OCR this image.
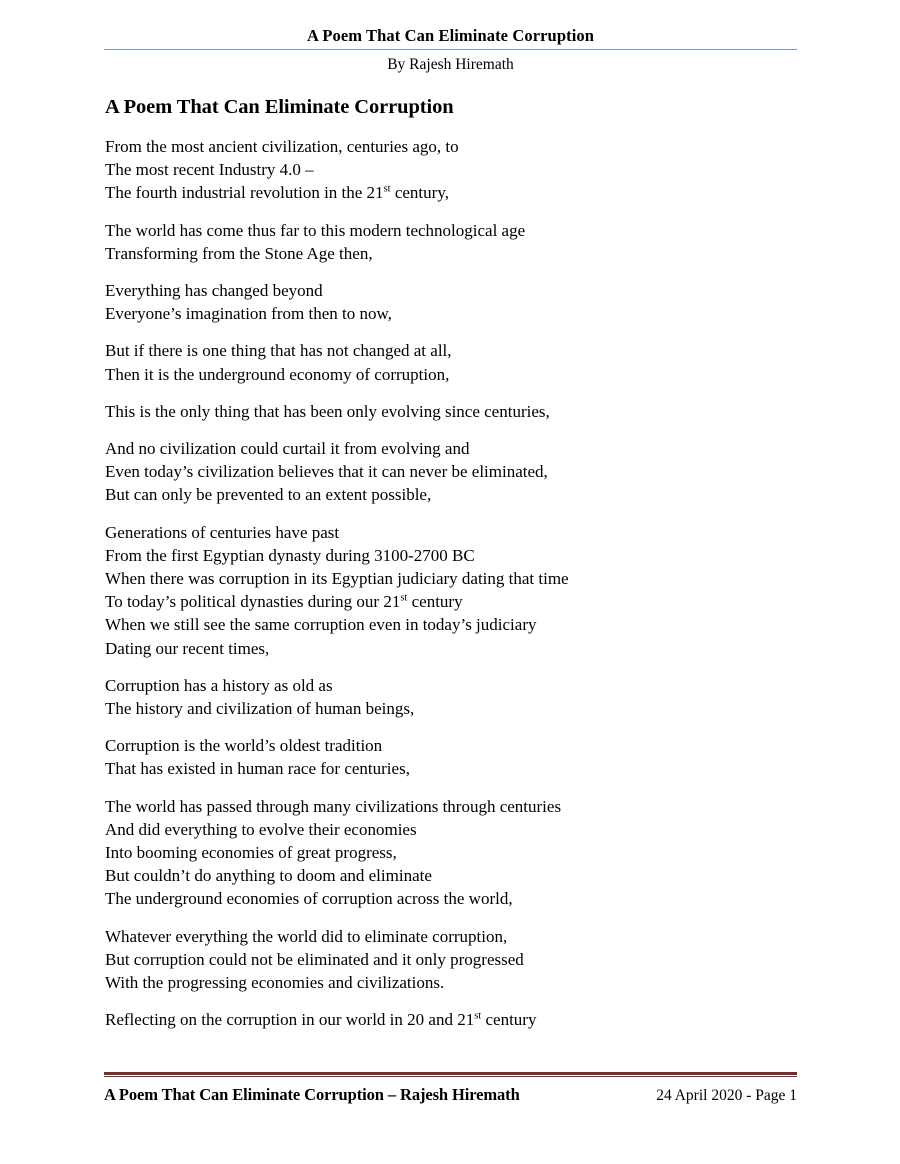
A Poem That Can Eliminate Corruption
By Rajesh Hiremath
A Poem That Can Eliminate Corruption
From the most ancient civilization, centuries ago, to
The most recent Industry 4.0 –
The fourth industrial revolution in the 21st century,
The world has come thus far to this modern technological age
Transforming from the Stone Age then,
Everything has changed beyond
Everyone’s imagination from then to now,
But if there is one thing that has not changed at all,
Then it is the underground economy of corruption,
This is the only thing that has been only evolving since centuries,
And no civilization could curtail it from evolving and
Even today’s civilization believes that it can never be eliminated,
But can only be prevented to an extent possible,
Generations of centuries have past
From the first Egyptian dynasty during 3100-2700 BC
When there was corruption in its Egyptian judiciary dating that time
To today’s political dynasties during our 21st century
When we still see the same corruption even in today’s judiciary
Dating our recent times,
Corruption has a history as old as
The history and civilization of human beings,
Corruption is the world’s oldest tradition
That has existed in human race for centuries,
The world has passed through many civilizations through centuries
And did everything to evolve their economies
Into booming economies of great progress,
But couldn’t do anything to doom and eliminate
The underground economies of corruption across the world,
Whatever everything the world did to eliminate corruption,
But corruption could not be eliminated and it only progressed
With the progressing economies and civilizations.
Reflecting on the corruption in our world in 20 and 21st century
A Poem That Can Eliminate Corruption – Rajesh Hiremath	24 April 2020 - Page 1
